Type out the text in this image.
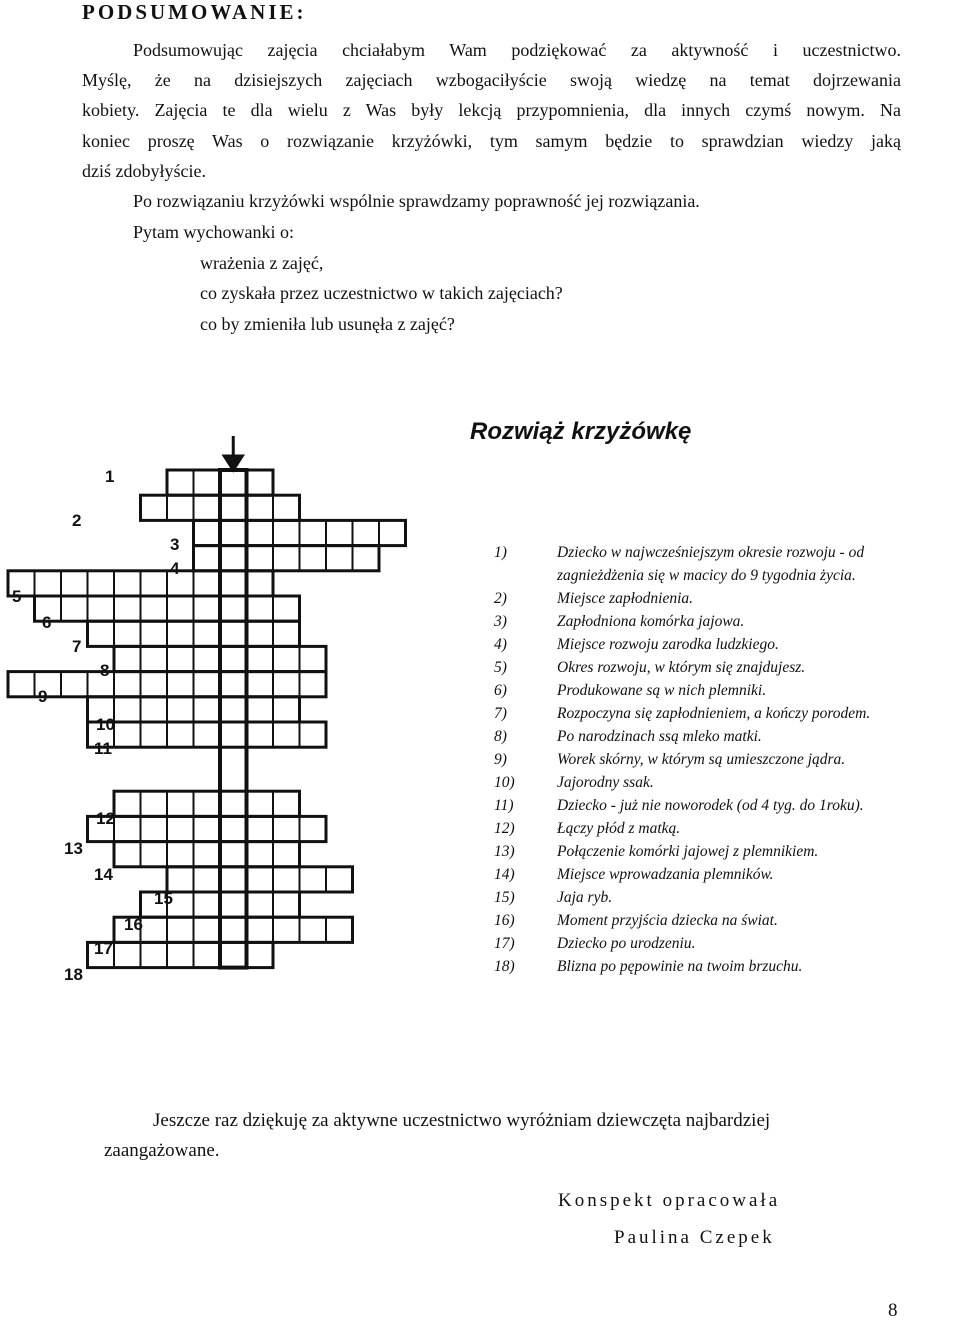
PODSUMOWANIE:
Podsumowując zajęcia chciałabym Wam podziękować za aktywność i uczestnictwo.
Myślę, że na dzisiejszych zajęciach wzbogaciłyście swoją wiedzę na temat dojrzewania
kobiety. Zajęcia te dla wielu z Was były lekcją przypomnienia, dla innych czymś nowym. Na
koniec proszę Was o rozwiązanie krzyżówki, tym samym będzie to sprawdzian wiedzy jaką
dziś zdobyłyście.
Po rozwiązaniu krzyżówki wspólnie sprawdzamy poprawność jej rozwiązania.
Pytam wychowanki o:
wrażenia z zajęć,
co zyskała przez uczestnictwo w takich zajęciach?
co by zmieniła lub usunęła z zajęć?
Rozwiąż krzyżówkę
1
2
3
4
5
6
7
8
9
10
11
12
13
14
15
16
17
18
1)	Dziecko w najwcześniejszym okresie rozwoju - od
zagnieżdżenia się w macicy do 9 tygodnia życia.
2)	Miejsce zapłodnienia.
3)	Zapłodniona komórka jajowa.
4)	Miejsce rozwoju zarodka ludzkiego.
5)	Okres rozwoju, w którym się znajdujesz.
6)	Produkowane są w nich plemniki.
7)	Rozpoczyna się zapłodnieniem, a kończy porodem.
8)	Po narodzinach ssą mleko matki.
9)	Worek skórny, w którym są umieszczone jądra.
10)	Jajorodny ssak.
11)	Dziecko - już nie noworodek (od 4 tyg. do 1roku).
12)	Łączy płód z matką.
13)	Połączenie komórki jajowej z plemnikiem.
14)	Miejsce wprowadzania plemników.
15)	Jaja ryb.
16)	Moment przyjścia dziecka na świat.
17)	Dziecko po urodzeniu.
18)	Blizna po pępowinie na twoim brzuchu.
Jeszcze raz dziękuję za aktywne uczestnictwo wyróżniam dziewczęta najbardziej
zaangażowane.
Konspekt opracowała
Paulina Czepek
8
